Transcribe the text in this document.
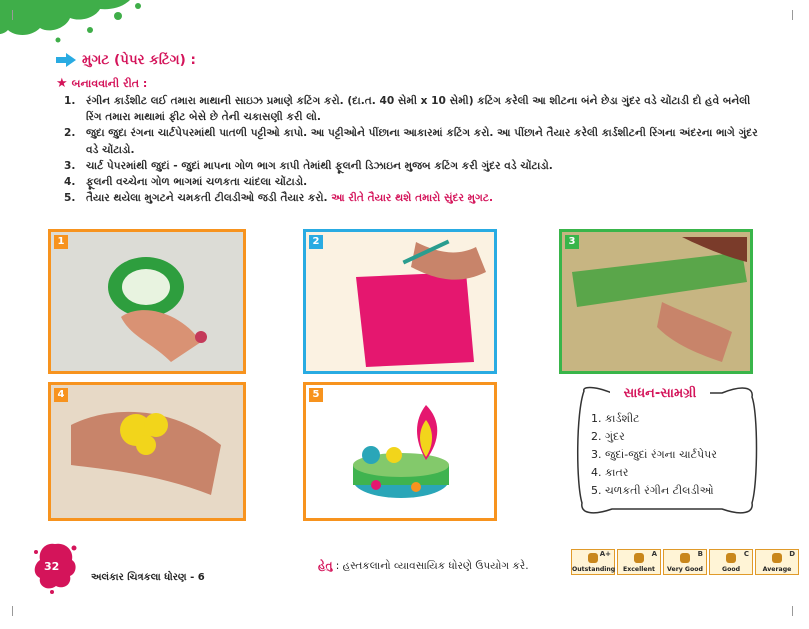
મુગટ (પેપર કટિંગ) :
★ બનાવવાની રીત :
1. રંગીન કાર્ડશીટ લઈ તમારા માથાની સાઇઝ પ્રમાણે કટિંગ કરો. (દા.ત. 40 સેમી x 10 સેમી) કટિંગ કરેલી આ શીટના બંને છેડા ગુંદર વડે ચોંટાડી દો હવે બનેલી રિંગ તમારા માથામાં ફીટ બેસે છે તેની ચકાસણી કરી લો.
2. જુદા જુદા રંગના ચાર્ટપેપરમાંથી પાતળી પટ્ટીઓ કાપો. આ પટ્ટીઓને પીંછાના આકારમાં કટિંગ કરો. આ પીંછાને તૈયાર કરેલી કાર્ડશીટની રિંગના અંદરના ભાગે ગુંદર વડે ચોંટાડો.
3. ચાર્ટ પેપરમાંથી જુદાં - જુદાં માપના ગોળ ભાગ કાપી તેમાંથી ફૂલની ડિઝાઇન મુજબ કટિંગ કરી ગુંદર વડે ચોંટાડો.
4. ફૂલની વચ્ચેના ગોળ ભાગમાં ચળકતા ચાંદલા ચોંટાડો.
5. તૈયાર થયેલા મુગટને ચમકતી ટીલડીઓ જડી તૈયાર કરો. આ રીતે તૈયાર થશે તમારો સુંદર મુગટ.
1	2	3
4	5	સાધન-સામગ્રી
1. કાર્ડશીટ
2. ગુંદર
3. જુદાં-જુદાં રંગના ચાર્ટપેપર
4. કાતર
5. ચળકતી રંગીન ટીલડીઓ
32
અલંકાર ચિત્રકલા ધોરણ - 6
હેતુ : હસ્તકલાનો વ્યાવસાયિક ધોરણે ઉપયોગ કરે.
A+
Outstanding
A
Excellent
B
Very Good
C
Good
D
Average
